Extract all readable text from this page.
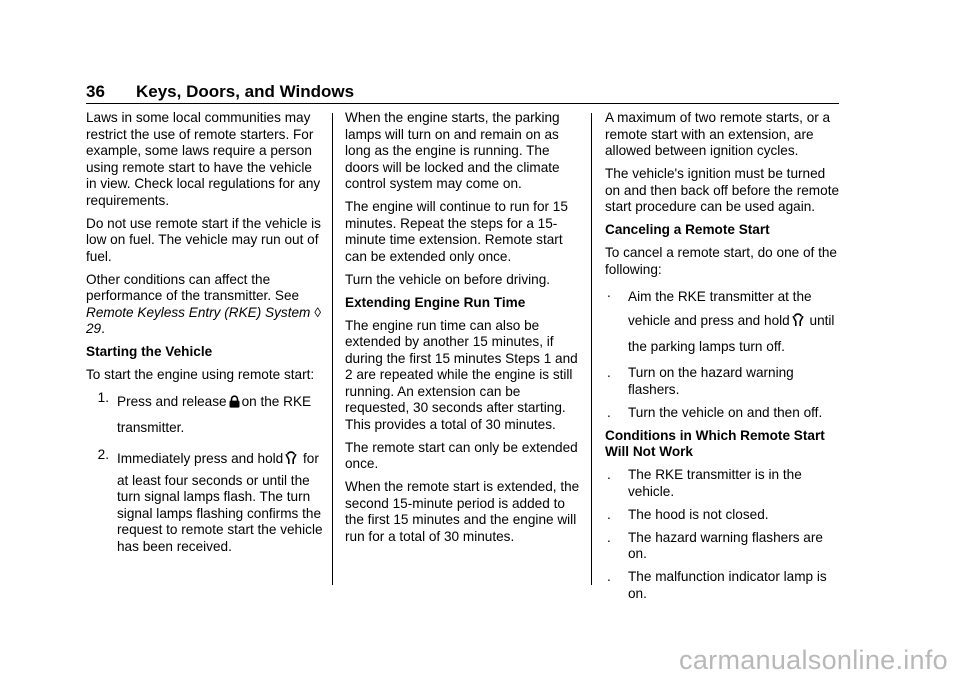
36 Keys, Doors, and Windows

Laws in some local communities may restrict the use of remote starters. For example, some laws require a person using remote start to have the vehicle in view. Check local regulations for any requirements.

Do not use remote start if the vehicle is low on fuel. The vehicle may run out of fuel.

Other conditions can affect the performance of the transmitter. See Remote Keyless Entry (RKE) System ◊ 29.

Starting the Vehicle

To start the engine using remote start:

1. Press and release on the RKE transmitter.
2. Immediately press and hold for at least four seconds or until the turn signal lamps flash. The turn signal lamps flashing confirms the request to remote start the vehicle has been received.

When the engine starts, the parking lamps will turn on and remain on as long as the engine is running. The doors will be locked and the climate control system may come on.

The engine will continue to run for 15 minutes. Repeat the steps for a 15-minute time extension. Remote start can be extended only once.

Turn the vehicle on before driving.

Extending Engine Run Time

The engine run time can also be extended by another 15 minutes, if during the first 15 minutes Steps 1 and 2 are repeated while the engine is still running. An extension can be requested, 30 seconds after starting. This provides a total of 30 minutes.

The remote start can only be extended once.

When the remote start is extended, the second 15-minute period is added to the first 15 minutes and the engine will run for a total of 30 minutes.

A maximum of two remote starts, or a remote start with an extension, are allowed between ignition cycles.

The vehicle's ignition must be turned on and then back off before the remote start procedure can be used again.

Canceling a Remote Start

To cancel a remote start, do one of the following:

.	Aim the RKE transmitter at the vehicle and press and hold until the parking lamps turn off.
.	Turn on the hazard warning flashers.
.	Turn the vehicle on and then off.

Conditions in Which Remote Start Will Not Work

.	The RKE transmitter is in the vehicle.
.	The hood is not closed.
.	The hazard warning flashers are on.
.	The malfunction indicator lamp is on.
carmanualsonline.info
